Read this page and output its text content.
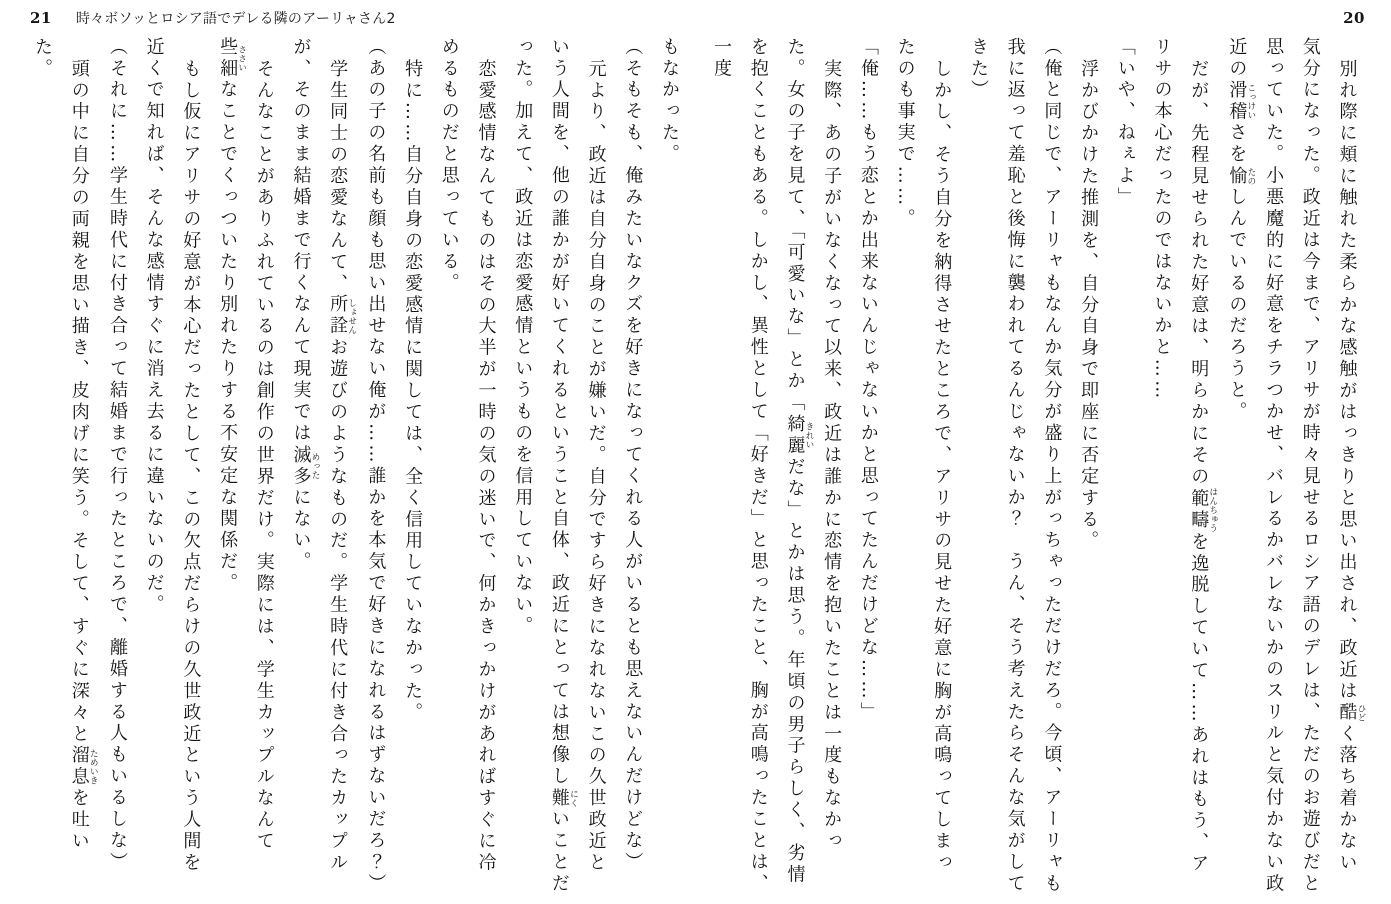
21 時々ボソッとロシア語でデレる隣のアーリャさん2	20

別れ際に頬に触れた柔らかな感触がはっきりと思い出され、政近は酷ひどく落ち着かない気分になった。政近は今まで、アリサが時々見せるロシア語のデレは、ただのお遊びだと思っていた。小悪魔的に好意をチラつかせ、バレるかバレないかのスリルと気付かない政近の滑稽こっけいさを愉たのしんでいるのだろうと。

だが、先程見せられた好意は、明らかにその範疇はんちゅうを逸脱していて……あれはもう、アリサの本心だったのではないかと……

「いや、ねぇよ」

浮かびかけた推測を、自分自身で即座に否定する。

（俺と同じで、アーリャもなんか気分が盛り上がっちゃっただけだろ。今頃、アーリャも我に返って羞恥と後悔に襲われてるんじゃないか？　うん、そう考えたらそんな気がしてきた）

しかし、そう自分を納得させたところで、アリサの見せた好意に胸が高鳴ってしまったのも事実で……。

「俺……もう恋とか出来ないんじゃないかと思ってたんだけどな……」

実際、あの子がいなくなって以来、政近は誰かに恋情を抱いたことは一度もなかった。女の子を見て、「可愛いな」とか「綺麗きれいだな」とかは思う。年頃の男子らしく、劣情を抱くこともある。しかし、異性として「好きだ」と思ったこと、胸が高鳴ったことは、一度

もなかった。

（そもそも、俺みたいなクズを好きになってくれる人がいるとも思えないんだけどな）

元より、政近は自分自身のことが嫌いだ。自分ですら好きになれないこの久世政近という人間を、他の誰かが好いてくれるということ自体、政近にとっては想像し難にくいことだった。加えて、政近は恋愛感情というものを信用していない。

恋愛感情なんてものはその大半が一時の気の迷いで、何かきっかけがあればすぐに冷めるものだと思っている。

特に……自分自身の恋愛感情に関しては、全く信用していなかった。

（あの子の名前も顔も思い出せない俺が……誰かを本気で好きになれるはずないだろ？）

学生同士の恋愛なんて、所詮しょせんお遊びのようなものだ。学生時代に付き合ったカップルが、そのまま結婚まで行くなんて現実では滅多めったにない。

そんなことがありふれているのは創作の世界だけ。実際には、学生カップルなんて些細ささいなことでくっついたり別れたりする不安定な関係だ。

もし仮にアリサの好意が本心だったとして、この欠点だらけの久世政近という人間を近くで知れば、そんな感情すぐに消え去るに違いないのだ。

（それに……学生時代に付き合って結婚まで行ったところで、離婚する人もいるしな）

頭の中に自分の両親を思い描き、皮肉げに笑う。そして、すぐに深々と溜息ためいきを吐いた。
